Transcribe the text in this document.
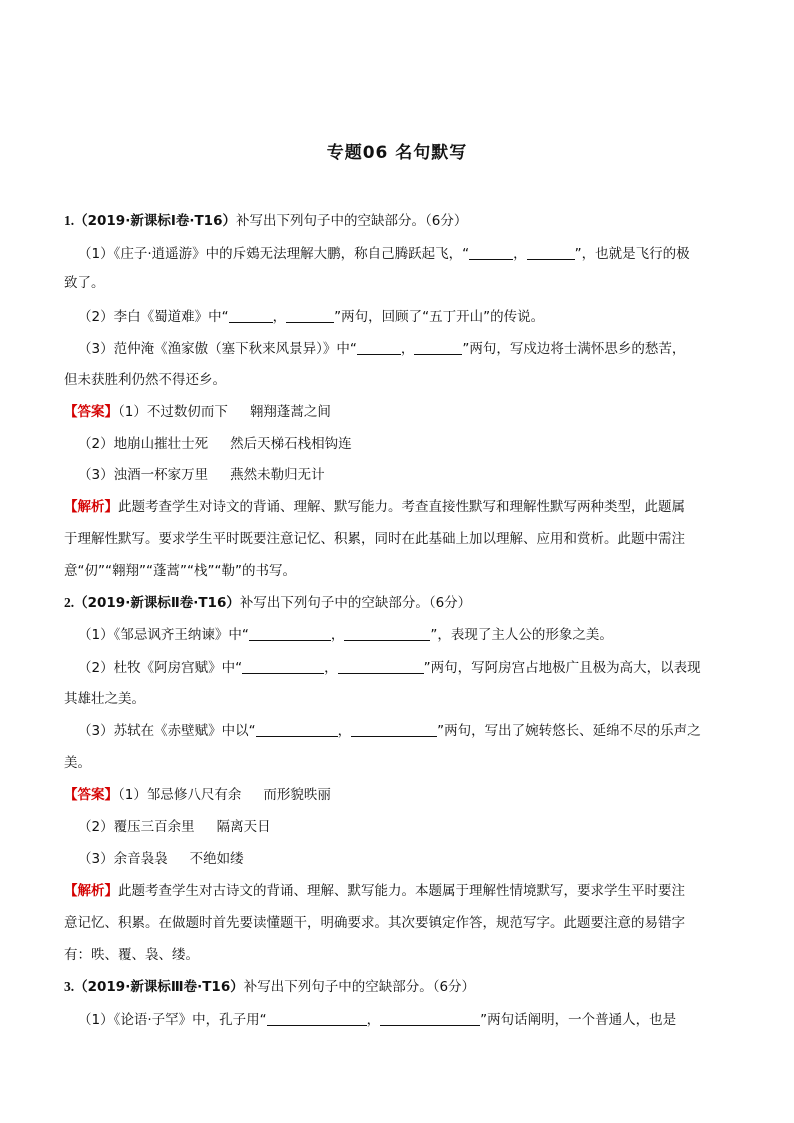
专题06 名句默写
1.（2019·新课标Ⅰ卷·T16）补写出下列句子中的空缺部分。（6分）
（1）《庄子·逍遥游》中的斥鴳无法理解大鹏，称自己腾跃起飞，“	，	”，也就是飞行的极
致了。
（2）李白《蜀道难》中“	，	”两句，回顾了“五丁开山”的传说。
（3）范仲淹《渔家傲（塞下秋来风景异）》中“	，	”两句，写戍边将士满怀思乡的愁苦，
但未获胜利仍然不得还乡。
【答案】（1）不过数仞而下 翱翔蓬蒿之间
（2）地崩山摧壮士死 然后天梯石栈相钩连
（3）浊酒一杯家万里 燕然未勒归无计
【解析】此题考查学生对诗文的背诵、理解、默写能力。考查直接性默写和理解性默写两种类型，此题属
于理解性默写。要求学生平时既要注意记忆、积累，同时在此基础上加以理解、应用和赏析。此题中需注
意“仞”“翱翔”“蓬蒿”“栈”“勒”的书写。
2.（2019·新课标Ⅱ卷·T16）补写出下列句子中的空缺部分。（6分）
（1）《邹忌讽齐王纳谏》中“	，	”，表现了主人公的形象之美。
（2）杜牧《阿房宫赋》中“	，	”两句，写阿房宫占地极广且极为高大，以表现
其雄壮之美。
（3）苏轼在《赤壁赋》中以“	，	”两句，写出了婉转悠长、延绵不尽的乐声之
美。
【答案】（1）邹忌修八尺有余 而形貌昳丽
（2）覆压三百余里 隔离天日
（3）余音袅袅 不绝如缕
【解析】此题考查学生对古诗文的背诵、理解、默写能力。本题属于理解性情境默写，要求学生平时要注
意记忆、积累。在做题时首先要读懂题干，明确要求。其次要镇定作答，规范写字。此题要注意的易错字
有：昳、覆、袅、缕。
3.（2019·新课标Ⅲ卷·T16）补写出下列句子中的空缺部分。（6分）
（1）《论语·子罕》中，孔子用“	，	”两句话阐明，一个普通人，也是
